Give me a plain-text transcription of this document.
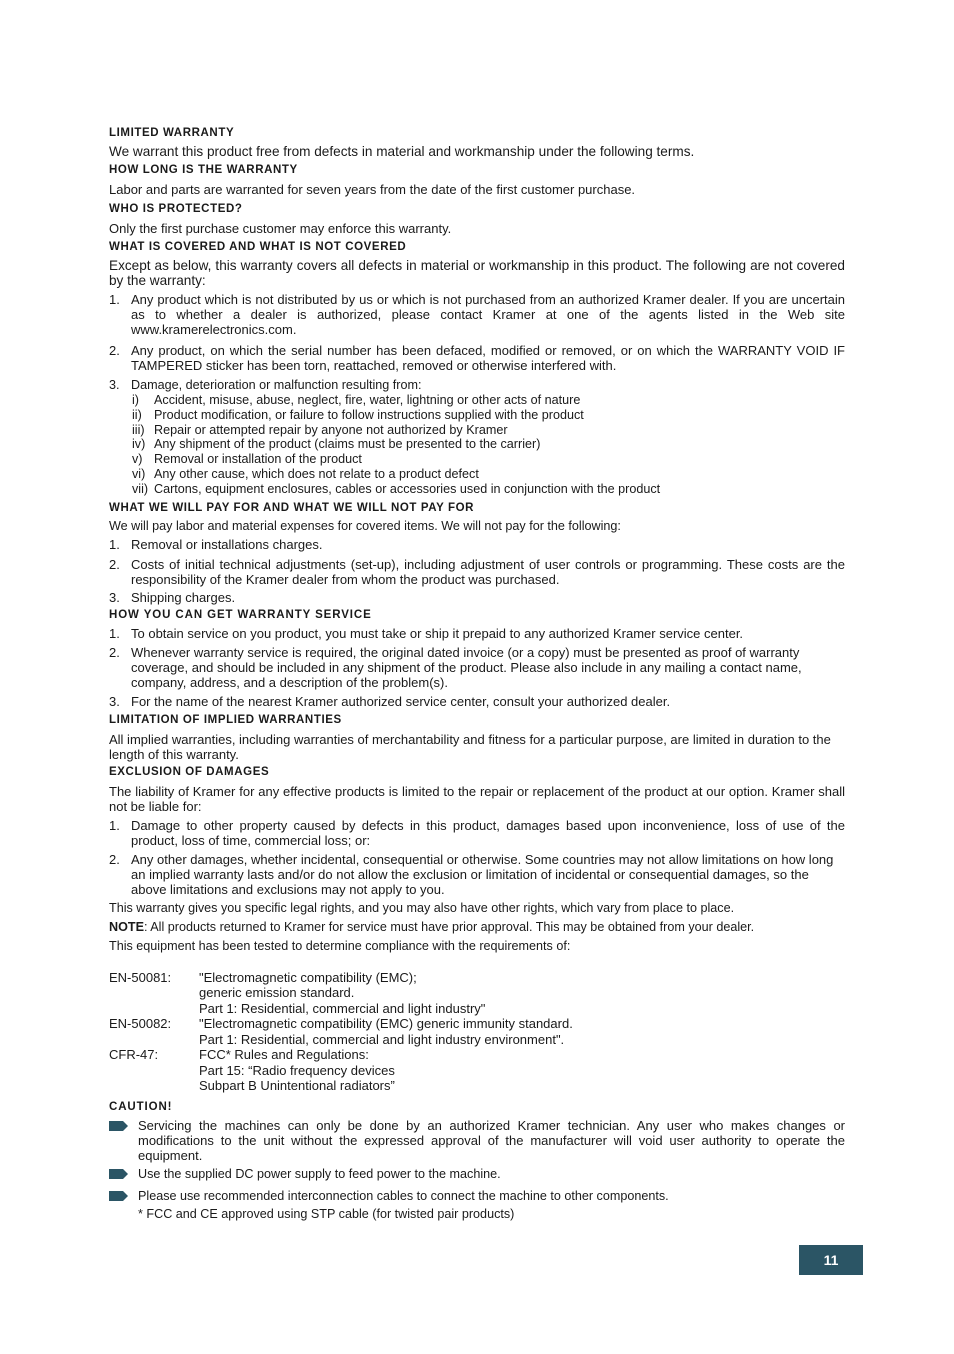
LIMITED WARRANTY
We warrant this product free from defects in material and workmanship under the following terms.
HOW LONG IS THE WARRANTY
Labor and parts are warranted for seven years from the date of the first customer purchase.
WHO IS PROTECTED?
Only the first purchase customer may enforce this warranty.
WHAT IS COVERED AND WHAT IS NOT COVERED
Except as below, this warranty covers all defects in material or workmanship in this product. The following are not covered by the warranty:
1. Any product which is not distributed by us or which is not purchased from an authorized Kramer dealer. If you are uncertain as to whether a dealer is authorized, please contact Kramer at one of the agents listed in the Web site www.kramerelectronics.com.
2. Any product, on which the serial number has been defaced, modified or removed, or on which the WARRANTY VOID IF TAMPERED sticker has been torn, reattached, removed or otherwise interfered with.
3. Damage, deterioration or malfunction resulting from:
i) Accident, misuse, abuse, neglect, fire, water, lightning or other acts of nature
ii) Product modification, or failure to follow instructions supplied with the product
iii) Repair or attempted repair by anyone not authorized by Kramer
iv) Any shipment of the product (claims must be presented to the carrier)
v) Removal or installation of the product
vi) Any other cause, which does not relate to a product defect
vii) Cartons, equipment enclosures, cables or accessories used in conjunction with the product
WHAT WE WILL PAY FOR AND WHAT WE WILL NOT PAY FOR
We will pay labor and material expenses for covered items. We will not pay for the following:
1. Removal or installations charges.
2. Costs of initial technical adjustments (set-up), including adjustment of user controls or programming. These costs are the responsibility of the Kramer dealer from whom the product was purchased.
3. Shipping charges.
HOW YOU CAN GET WARRANTY SERVICE
1. To obtain service on you product, you must take or ship it prepaid to any authorized Kramer service center.
2. Whenever warranty service is required, the original dated invoice (or a copy) must be presented as proof of warranty coverage, and should be included in any shipment of the product. Please also include in any mailing a contact name, company, address, and a description of the problem(s).
3. For the name of the nearest Kramer authorized service center, consult your authorized dealer.
LIMITATION OF IMPLIED WARRANTIES
All implied warranties, including warranties of merchantability and fitness for a particular purpose, are limited in duration to the length of this warranty.
EXCLUSION OF DAMAGES
The liability of Kramer for any effective products is limited to the repair or replacement of the product at our option. Kramer shall not be liable for:
1. Damage to other property caused by defects in this product, damages based upon inconvenience, loss of use of the product, loss of time, commercial loss; or:
2. Any other damages, whether incidental, consequential or otherwise. Some countries may not allow limitations on how long an implied warranty lasts and/or do not allow the exclusion or limitation of incidental or consequential damages, so the above limitations and exclusions may not apply to you.
This warranty gives you specific legal rights, and you may also have other rights, which vary from place to place.
NOTE: All products returned to Kramer for service must have prior approval. This may be obtained from your dealer.
This equipment has been tested to determine compliance with the requirements of:
EN-50081: "Electromagnetic compatibility (EMC);
generic emission standard.
Part 1: Residential, commercial and light industry"
EN-50082: "Electromagnetic compatibility (EMC) generic immunity standard.
Part 1: Residential, commercial and light industry environment".
CFR-47:	FCC* Rules and Regulations:
Part 15: “Radio frequency devices
Subpart B Unintentional radiators”
CAUTION!
Servicing the machines can only be done by an authorized Kramer technician. Any user who makes changes or modifications to the unit without the expressed approval of the manufacturer will void user authority to operate the equipment.
Use the supplied DC power supply to feed power to the machine.
Please use recommended interconnection cables to connect the machine to other components.
* FCC and CE approved using STP cable (for twisted pair products)
11
